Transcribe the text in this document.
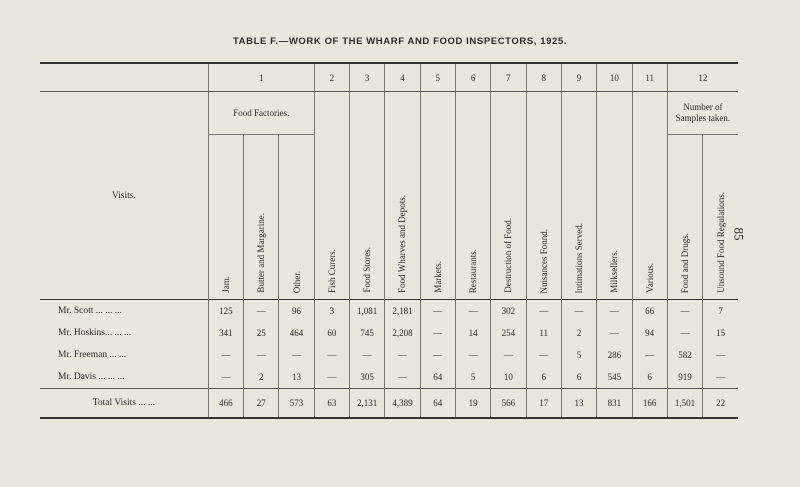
TABLE F.—WORK OF THE WHARF AND FOOD INSPECTORS, 1925.
85
	1			2	3	4	5	6	7	8	9	10	11	12	
Visits.	Food Factories.			Fish Curers.	Food Stores.	Food Wharves and Depots.	Markets.	Restaurants.	Destruction of Food.	Nuisances Found.	Intimations Served.	Milksellers.	Various.	Number of Samples taken.	

	Jam.	Butter and Margarine.	Other.											Food and Drugs.	Unsound Food Regulations.

Mr. Scott ... ... ...	125	—	96	3	1,081	2,181	—	—	302	—	—	—	66	—	7
Mr. Hoskins... ... ...	341	25	464	60	745	2,208	—	14	254	11	2	—	94	—	15
Mr. Freeman ... ...	—	—	—	—	—	—	—	—	—	—	5	286	—	582	—
Mr. Davis ... ... ...	—	2	13	—	305	—	64	5	10	6	6	545	6	919	—
Total Visits ... ...	466	27	573	63	2,131	4,389	64	19	566	17	13	831	166	1,501	22
